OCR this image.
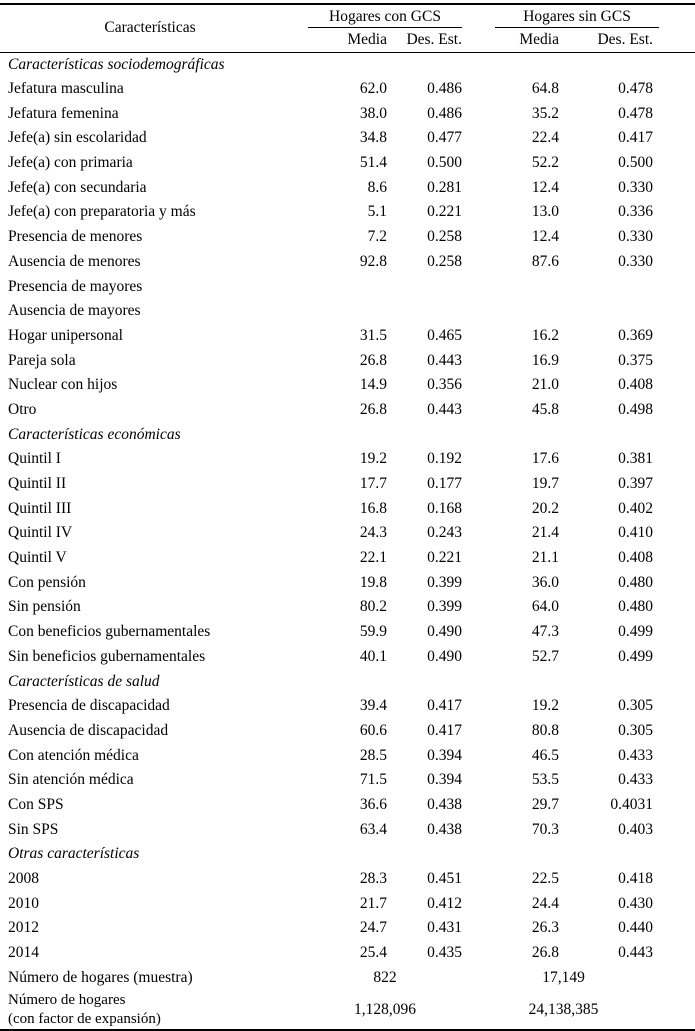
Características	Hogares con GCS		Hogares sin GCS	

	Media	Des. Est.	Media	Des. Est.
Características sociodemográficas				
Jefatura masculina	62.0	0.486	64.8	0.478
Jefatura femenina	38.0	0.486	35.2	0.478
Jefe(a) sin escolaridad	34.8	0.477	22.4	0.417
Jefe(a) con primaria	51.4	0.500	52.2	0.500
Jefe(a) con secundaria	8.6	0.281	12.4	0.330
Jefe(a) con preparatoria y más	5.1	0.221	13.0	0.336
Presencia de menores	7.2	0.258	12.4	0.330
Ausencia de menores	92.8	0.258	87.6	0.330
Presencia de mayores				
Ausencia de mayores				
Hogar unipersonal	31.5	0.465	16.2	0.369
Pareja sola	26.8	0.443	16.9	0.375
Nuclear con hijos	14.9	0.356	21.0	0.408
Otro	26.8	0.443	45.8	0.498
Características económicas				
Quintil I	19.2	0.192	17.6	0.381
Quintil II	17.7	0.177	19.7	0.397
Quintil III	16.8	0.168	20.2	0.402
Quintil IV	24.3	0.243	21.4	0.410
Quintil V	22.1	0.221	21.1	0.408
Con pensión	19.8	0.399	36.0	0.480
Sin pensión	80.2	0.399	64.0	0.480
Con beneficios gubernamentales	59.9	0.490	47.3	0.499
Sin beneficios gubernamentales	40.1	0.490	52.7	0.499
Características de salud				
Presencia de discapacidad	39.4	0.417	19.2	0.305
Ausencia de discapacidad	60.6	0.417	80.8	0.305
Con atención médica	28.5	0.394	46.5	0.433
Sin atención médica	71.5	0.394	53.5	0.433
Con SPS	36.6	0.438	29.7	0.4031
Sin SPS	63.4	0.438	70.3	0.403
Otras características				
2008	28.3	0.451	22.5	0.418
2010	21.7	0.412	24.4	0.430
2012	24.7	0.431	26.3	0.440
2014	25.4	0.435	26.8	0.443
Número de hogares (muestra)	822		17,149	
Número de hogares
(con factor de expansión)	1,128,096		24,138,385	
